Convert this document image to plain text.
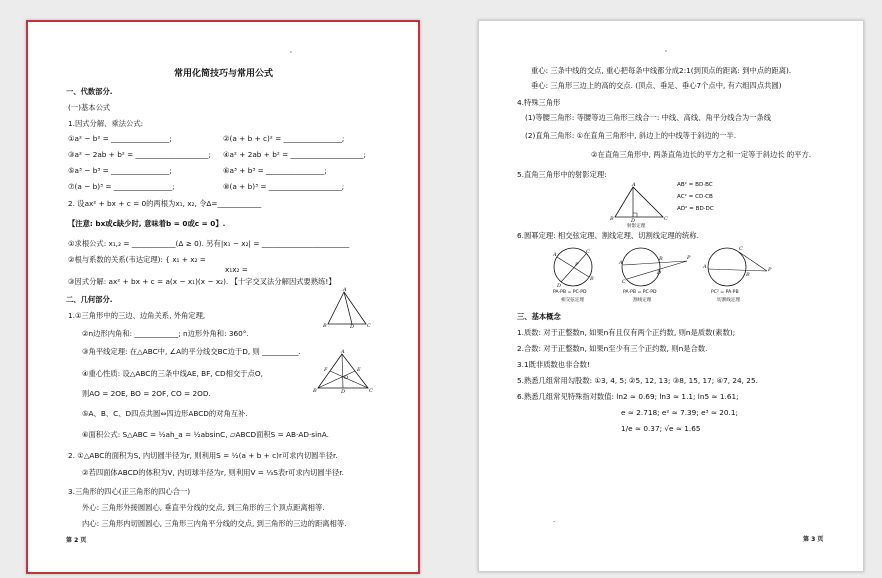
'
常用化简技巧与常用公式
一、代数部分.
(一)基本公式
1.因式分解、乘法公式:
①a² − b² = ________________;	②(a + b + c)² = ________________;
③a² − 2ab + b² = ____________________; ④a² + 2ab + b² = ____________________;
⑤a³ − b³ = ________________;	⑥a³ + b³ = ________________;
⑦(a − b)³ = ________________;	⑧(a + b)³ = ____________________;
2. 设ax² + bx + c = 0的两根为x₁, x₂, 令Δ=____________
【注意: bx或c缺少时, 意味着b = 0或c = 0】.
①求根公式: x₁,₂ = ____________(Δ ≥ 0). 另有|x₁ − x₂| = ________________________
②根与系数的关系(韦达定理): { x₁ + x₂ =
x₁x₂ =
③因式分解: ax² + bx + c = a(x − x₁)(x − x₂). 【十字交叉法分解因式要熟练!】
二、几何部分.
1.①三角形中的三边、边角关系, 外角定理,
②n边形内角和: ____________; n边形外角和: 360°.
③角平线定理: 在△ABC中, ∠A的平分线交BC边于D, 则 __________.
④重心性质: 设△ABC的三条中线AE, BF, CD相交于点O,
则AO = 2OE, BO = 2OF, CO = 2OD.
⑤A、B、C、D四点共圆⇔四边形ABCD的对角互补.
⑥面积公式: S△ABC = ½ah_a = ½absinC, ▱ABCD面积S = AB·AD·sinA.
2. ①△ABC的面积为S, 内切圆半径为r, 则利用S = ½(a + b + c)r可求内切圆半径r.
②若四面体ABCD的体积为V, 内切球半径为r, 则利用V = ⅓S表r可求内切圆半径r.
3.三角形的四心(正三角形的四心合一)
外心: 三角形外接圆圆心, 垂直平分线的交点, 到三角形的三个顶点距离相等.
内心: 三角形内切圆圆心, 三角形三内角平分线的交点, 到三角形的三边的距离相等.
A
B	D	C
A
F	E
O
B	D	C
第 2 页
'
重心: 三条中线的交点, 重心把每条中线都分成2:1(到顶点的距离: 到中点的距离).
垂心: 三角形三边上的高的交点. (顶点、垂足、垂心7个点中, 有六组四点共圆)
4.特殊三角形
(1)等腰三角形: 等腰等边三角形三线合一: 中线、高线、角平分线合为一条线
(2)直角三角形: ①在直角三角形中, 斜边上的中线等于斜边的一半.
②在直角三角形中, 两条直角边长的平方之和一定等于斜边长 的平方.
5.直角三角形中的射影定理:
A
B	D	C
射影定理
AB² = BD·BC
AC² = CD·CB
AD² = BD·DC
6.圆幂定理: 相交弦定理、割线定理、切割线定理的统称.
A
B
C
D
P
PA·PB = PC·PD
相交弦定理
A
B
C
D
P
PA·PB = PC·PD
割线定理
C
A
B
P
PC² = PA·PB
切割线定理
三、基本概念
1.质数: 对于正整数n, 如果n有且仅有两个正约数, 则n是质数(素数);
2.合数: 对于正整数n, 如果n至少有三个正约数, 则n是合数.
3.1既非质数也非合数!
5.熟悉几组常用勾股数: ①3, 4, 5; ②5, 12, 13; ③8, 15, 17; ④7, 24, 25.
6.熟悉几组常见特殊指对数值: ln2 ≈ 0.69; ln3 ≈ 1.1; ln5 ≈ 1.61;
e ≈ 2.718; e² ≈ 7.39; e³ ≈ 20.1;
1/e ≈ 0.37; √e ≈ 1.65
.
第 3 页
